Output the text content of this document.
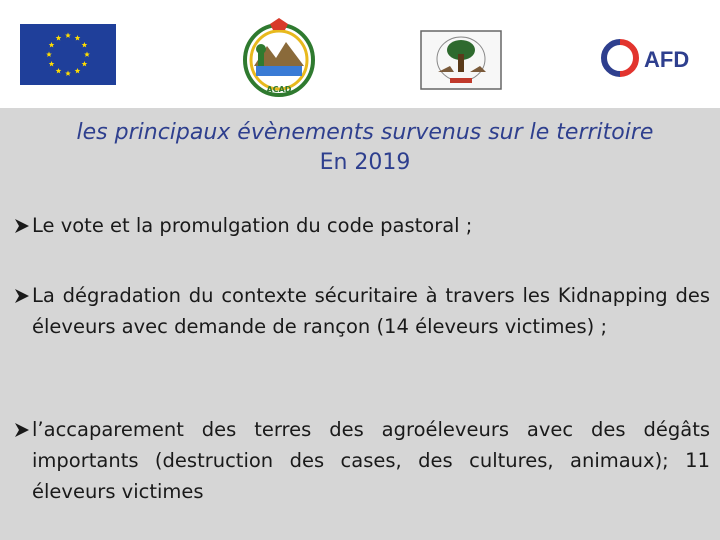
ACAD
AFD
les principaux évènements survenus sur le territoire
En 2019
Le vote et la promulgation du code pastoral ;
La dégradation du contexte sécuritaire à travers les Kidnapping des éleveurs avec demande de rançon (14 éleveurs victimes) ;
l’accaparement des terres des agroéleveurs avec des dégâts importants (destruction des cases, des cultures, animaux); 11 éleveurs victimes
